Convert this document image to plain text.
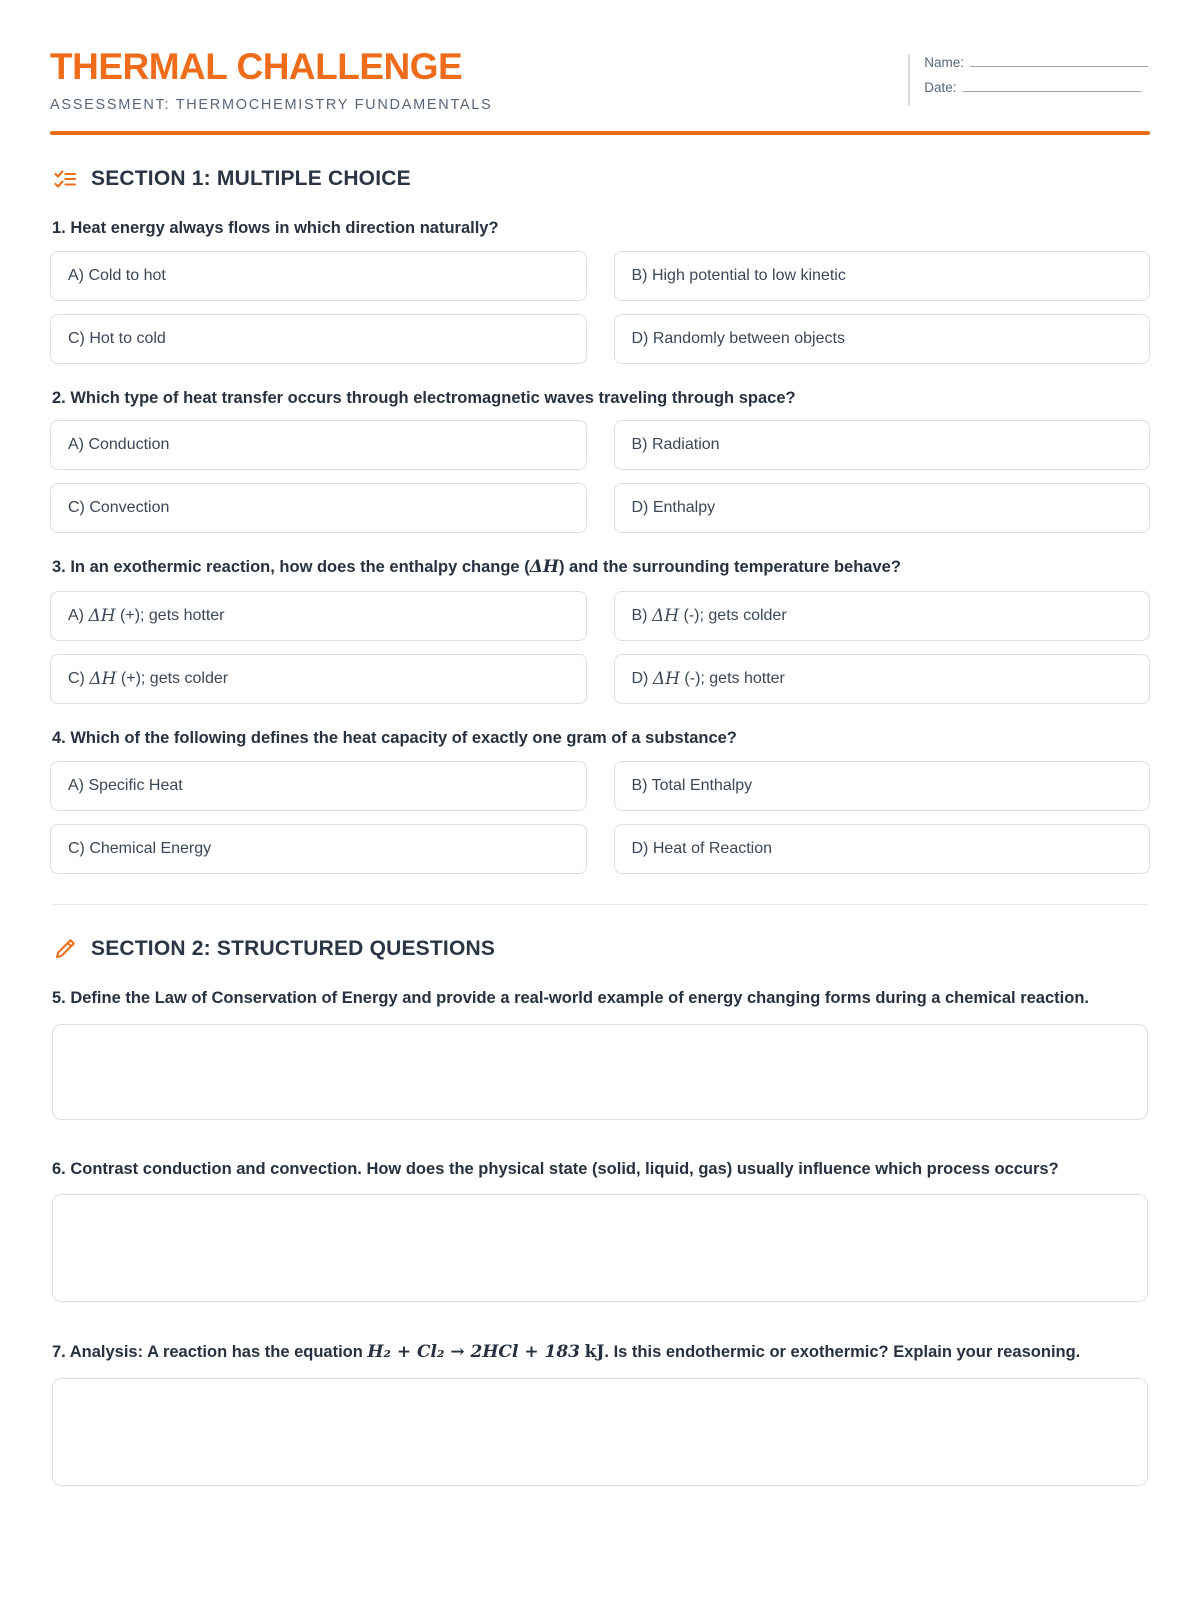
THERMAL CHALLENGE

ASSESSMENT: THERMOCHEMISTRY FUNDAMENTALS

Name:
Date:
SECTION 1: MULTIPLE CHOICE

1. Heat energy always flows in which direction naturally?

A) Cold to hot	B) High potential to low kinetic
C) Hot to cold	D) Randomly between objects

2. Which type of heat transfer occurs through electromagnetic waves traveling through space?

A) Conduction	B) Radiation
C) Convection	D) Enthalpy

3. In an exothermic reaction, how does the enthalpy change (ΔH) and the surrounding temperature behave?

A)
ΔH
(+); gets hotter	B)
ΔH
(-); gets colder
C)
ΔH
(+); gets colder	D)
ΔH
(-); gets hotter

4. Which of the following defines the heat capacity of exactly one gram of a substance?

A) Specific Heat	B) Total Enthalpy
C) Chemical Energy	D) Heat of Reaction
SECTION 2: STRUCTURED QUESTIONS

5. Define the Law of Conservation of Energy and provide a real-world example of energy changing forms during a chemical reaction.

6. Contrast conduction and convection. How does the physical state (solid, liquid, gas) usually influence which process occurs?

7. Analysis: A reaction has the equation H₂ + Cl₂ → 2HCl + 183 kJ. Is this endothermic or exothermic? Explain your reasoning.
